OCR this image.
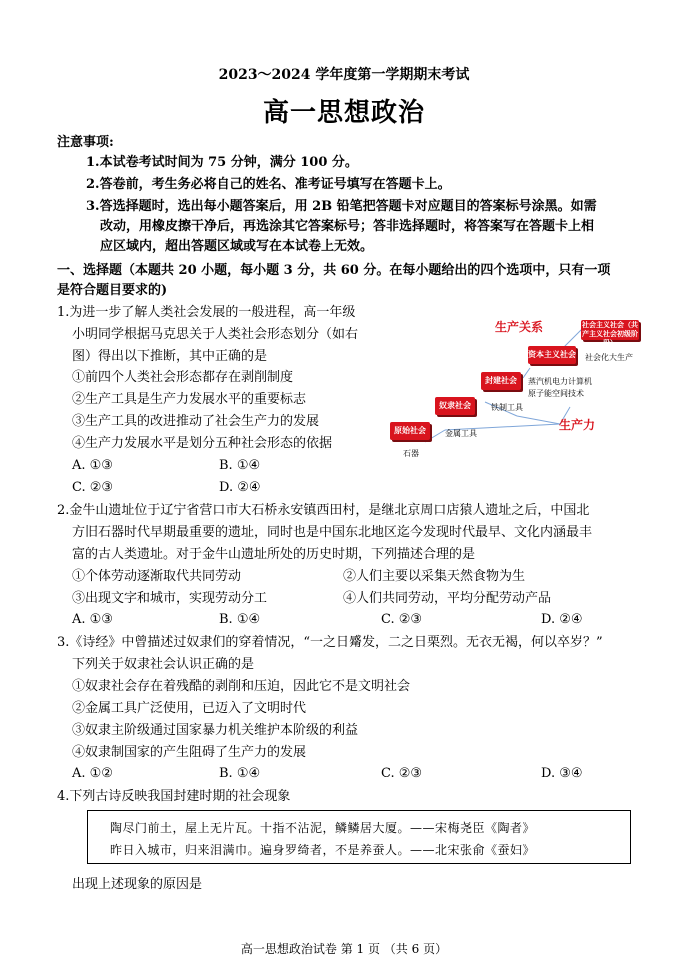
2023～2024 学年度第一学期期末考试
高一思想政治
注意事项:
1.本试卷考试时间为 75 分钟，满分 100 分。
2.答卷前，考生务必将自己的姓名、准考证号填写在答题卡上。
3.答选择题时，选出每小题答案后，用 2B 铅笔把答题卡对应题目的答案标号涂黑。如需
改动，用橡皮擦干净后，再选涂其它答案标号；答非选择题时，将答案写在答题卡上相
应区域内，超出答题区域或写在本试卷上无效。
一、选择题（本题共 20 小题，每小题 3 分，共 60 分。在每小题给出的四个选项中，只有一项
是符合题目要求的)
1.为进一步了解人类社会发展的一般进程，高一年级
小明同学根据马克思关于人类社会形态划分（如右
图）得出以下推断，其中正确的是
①前四个人类社会形态都存在剥削制度
②生产工具是生产力发展水平的重要标志
③生产工具的改进推动了社会生产力的发展
④生产力发展水平是划分五种社会形态的依据
A. ①③	B. ①④
C. ②③	D. ②④
生产关系
生产力
原始社会
奴隶社会
封建社会
资本主义社会
社会主义社会（共产主义社会初级阶段）
石器
金属工具
铁制工具
蒸汽机电力计算机
原子能空间技术
社会化大生产
2.金牛山遗址位于辽宁省营口市大石桥永安镇西田村，是继北京周口店猿人遗址之后，中国北
方旧石器时代早期最重要的遗址，同时也是中国东北地区迄今发现时代最早、文化内涵最丰
富的古人类遗址。对于金牛山遗址所处的历史时期，下列描述合理的是
①个体劳动逐渐取代共同劳动	②人们主要以采集天然食物为生
③出现文字和城市，实现劳动分工	④人们共同劳动，平均分配劳动产品
A. ①③	B. ①④	C. ②③	D. ②④
3.《诗经》中曾描述过奴隶们的穿着情况，“一之日觱发，二之日栗烈。无衣无褐，何以卒岁？”
下列关于奴隶社会认识正确的是
①奴隶社会存在着残酷的剥削和压迫，因此它不是文明社会
②金属工具广泛使用，已迈入了文明时代
③奴隶主阶级通过国家暴力机关维护本阶级的利益
④奴隶制国家的产生阻碍了生产力的发展
A. ①②	B. ①④	C. ②③	D. ③④
4.下列古诗反映我国封建时期的社会现象
陶尽门前土，屋上无片瓦。十指不沾泥，鳞鳞居大厦。——宋梅尧臣《陶者》
昨日入城市，归来泪满巾。遍身罗绮者，不是养蚕人。——北宋张俞《蚕妇》
出现上述现象的原因是
高一思想政治试卷 第 1 页 （共 6 页）
